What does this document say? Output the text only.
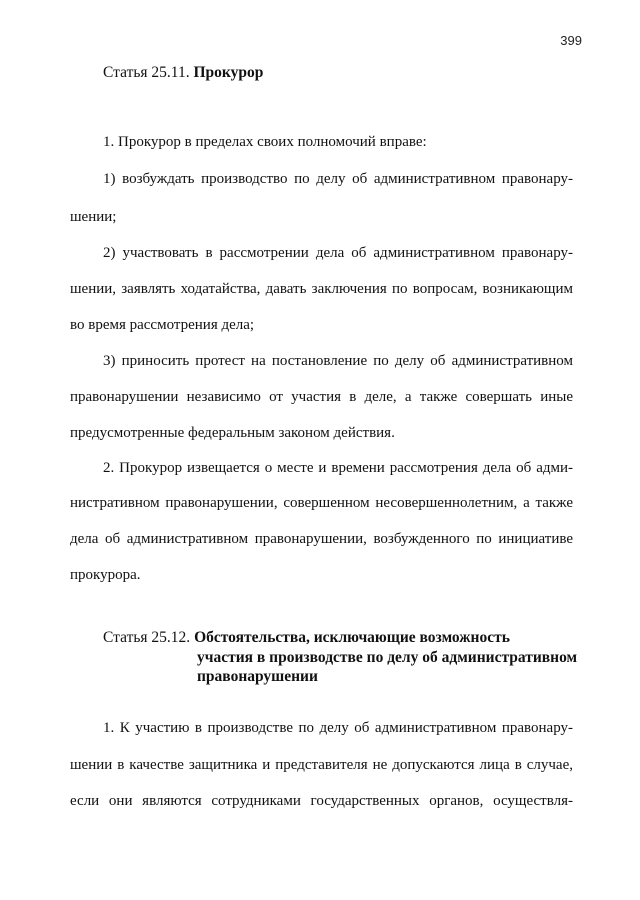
399
Статья 25.11. Прокурор
1. Прокурор в пределах своих полномочий вправе:
1) возбуждать производство по делу об административном правонару-
шении;
2) участвовать в рассмотрении дела об административном правонару-
шении, заявлять ходатайства, давать заключения по вопросам, возникающим
во время рассмотрения дела;
3) приносить протест на постановление по делу об административном
правонарушении независимо от участия в деле, а также совершать иные
предусмотренные федеральным законом действия.
2. Прокурор извещается о месте и времени рассмотрения дела об адми-
нистративном правонарушении, совершенном несовершеннолетним, а также
дела об административном правонарушении, возбужденного по инициативе
прокурора.
Статья 25.12. Обстоятельства, исключающие возможность
участия в производстве по делу об административном
правонарушении
1. К участию в производстве по делу об административном правонару-
шении в качестве защитника и представителя не допускаются лица в случае,
если они являются сотрудниками государственных органов, осуществля-
